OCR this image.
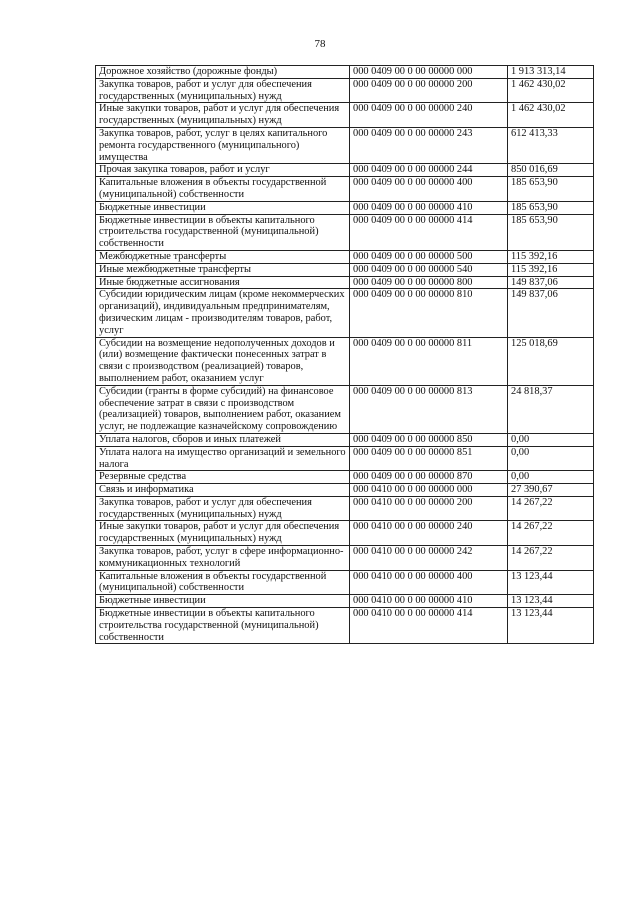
78
Дорожное хозяйство (дорожные фонды)	000 0409 00 0 00 00000 000	1 913 313,14
Закупка товаров, работ и услуг для обеспечения государственных (муниципальных) нужд	000 0409 00 0 00 00000 200	1 462 430,02
Иные закупки товаров, работ и услуг для обеспечения государственных (муниципальных) нужд	000 0409 00 0 00 00000 240	1 462 430,02
Закупка товаров, работ, услуг в целях капитального ремонта государственного (муниципального) имущества	000 0409 00 0 00 00000 243	612 413,33
Прочая закупка товаров, работ и услуг	000 0409 00 0 00 00000 244	850 016,69
Капитальные вложения в объекты государственной (муниципальной) собственности	000 0409 00 0 00 00000 400	185 653,90
Бюджетные инвестиции	000 0409 00 0 00 00000 410	185 653,90
Бюджетные инвестиции в объекты капитального строительства государственной (муниципальной) собственности	000 0409 00 0 00 00000 414	185 653,90
Межбюджетные трансферты	000 0409 00 0 00 00000 500	115 392,16
Иные межбюджетные трансферты	000 0409 00 0 00 00000 540	115 392,16
Иные бюджетные ассигнования	000 0409 00 0 00 00000 800	149 837,06
Субсидии юридическим лицам (кроме некоммерческих организаций), индивидуальным предпринимателям, физическим лицам - производителям товаров, работ, услуг	000 0409 00 0 00 00000 810	149 837,06
Субсидии на возмещение недополученных доходов и (или) возмещение фактически понесенных затрат в связи с производством (реализацией) товаров, выполнением работ, оказанием услуг	000 0409 00 0 00 00000 811	125 018,69
Субсидии (гранты в форме субсидий) на финансовое обеспечение затрат в связи с производством (реализацией) товаров, выполнением работ, оказанием услуг, не подлежащие казначейскому сопровождению	000 0409 00 0 00 00000 813	24 818,37
Уплата налогов, сборов и иных платежей	000 0409 00 0 00 00000 850	0,00
Уплата налога на имущество организаций и земельного налога	000 0409 00 0 00 00000 851	0,00
Резервные средства	000 0409 00 0 00 00000 870	0,00
Связь и информатика	000 0410 00 0 00 00000 000	27 390,67
Закупка товаров, работ и услуг для обеспечения государственных (муниципальных) нужд	000 0410 00 0 00 00000 200	14 267,22
Иные закупки товаров, работ и услуг для обеспечения государственных (муниципальных) нужд	000 0410 00 0 00 00000 240	14 267,22
Закупка товаров, работ, услуг в сфере информационно-коммуникационных технологий	000 0410 00 0 00 00000 242	14 267,22
Капитальные вложения в объекты государственной (муниципальной) собственности	000 0410 00 0 00 00000 400	13 123,44
Бюджетные инвестиции	000 0410 00 0 00 00000 410	13 123,44
Бюджетные инвестиции в объекты капитального строительства государственной (муниципальной) собственности	000 0410 00 0 00 00000 414	13 123,44
